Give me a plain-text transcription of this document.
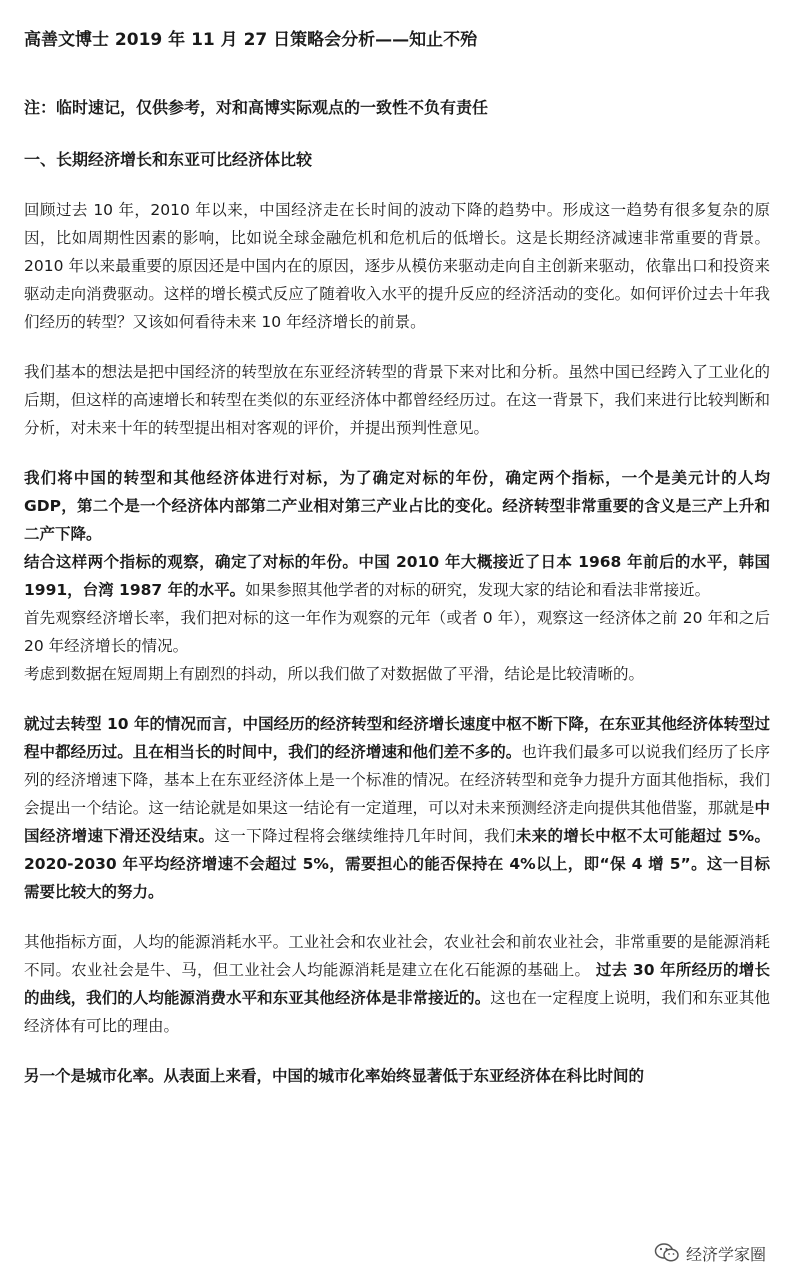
高善文博士 2019 年 11 月 27 日策略会分析——知止不殆

注：临时速记，仅供参考，对和高博实际观点的一致性不负有责任

一、长期经济增长和东亚可比经济体比较

回顾过去 10 年，2010 年以来，中国经济走在长时间的波动下降的趋势中。形成这一趋势有很多复杂的原因，比如周期性因素的影响，比如说全球金融危机和危机后的低增长。这是长期经济减速非常重要的背景。2010 年以来最重要的原因还是中国内在的原因，逐步从模仿来驱动走向自主创新来驱动，依靠出口和投资来驱动走向消费驱动。这样的增长模式反应了随着收入水平的提升反应的经济活动的变化。如何评价过去十年我们经历的转型？又该如何看待未来 10 年经济增长的前景。

我们基本的想法是把中国经济的转型放在东亚经济转型的背景下来对比和分析。虽然中国已经跨入了工业化的后期，但这样的高速增长和转型在类似的东亚经济体中都曾经经历过。在这一背景下，我们来进行比较判断和分析，对未来十年的转型提出相对客观的评价，并提出预判性意见。

我们将中国的转型和其他经济体进行对标，为了确定对标的年份，确定两个指标，一个是美元计的人均 GDP，第二个是一个经济体内部第二产业相对第三产业占比的变化。经济转型非常重要的含义是三产上升和二产下降。

结合这样两个指标的观察，确定了对标的年份。中国 2010 年大概接近了日本 1968 年前后的水平，韩国 1991，台湾 1987 年的水平。如果参照其他学者的对标的研究，发现大家的结论和看法非常接近。

首先观察经济增长率，我们把对标的这一年作为观察的元年（或者 0 年），观察这一经济体之前 20 年和之后 20 年经济增长的情况。

考虑到数据在短周期上有剧烈的抖动，所以我们做了对数据做了平滑，结论是比较清晰的。

就过去转型 10 年的情况而言，中国经历的经济转型和经济增长速度中枢不断下降，在东亚其他经济体转型过程中都经历过。且在相当长的时间中，我们的经济增速和他们差不多的。也许我们最多可以说我们经历了长序列的经济增速下降，基本上在东亚经济体上是一个标准的情况。在经济转型和竞争力提升方面其他指标，我们会提出一个结论。这一结论就是如果这一结论有一定道理，可以对未来预测经济走向提供其他借鉴，那就是中国经济增速下滑还没结束。这一下降过程将会继续维持几年时间，我们未来的增长中枢不太可能超过 5%。2020-2030 年平均经济增速不会超过 5%，需要担心的能否保持在 4%以上，即“保 4 增 5”。这一目标需要比较大的努力。

其他指标方面，人均的能源消耗水平。工业社会和农业社会，农业社会和前农业社会，非常重要的是能源消耗不同。农业社会是牛、马，但工业社会人均能源消耗是建立在化石能源的基础上。 过去 30 年所经历的增长的曲线，我们的人均能源消费水平和东亚其他经济体是非常接近的。这也在一定程度上说明，我们和东亚其他经济体有可比的理由。

另一个是城市化率。从表面上来看，中国的城市化率始终显著低于东亚经济体在科比时间的

经济学家圈
